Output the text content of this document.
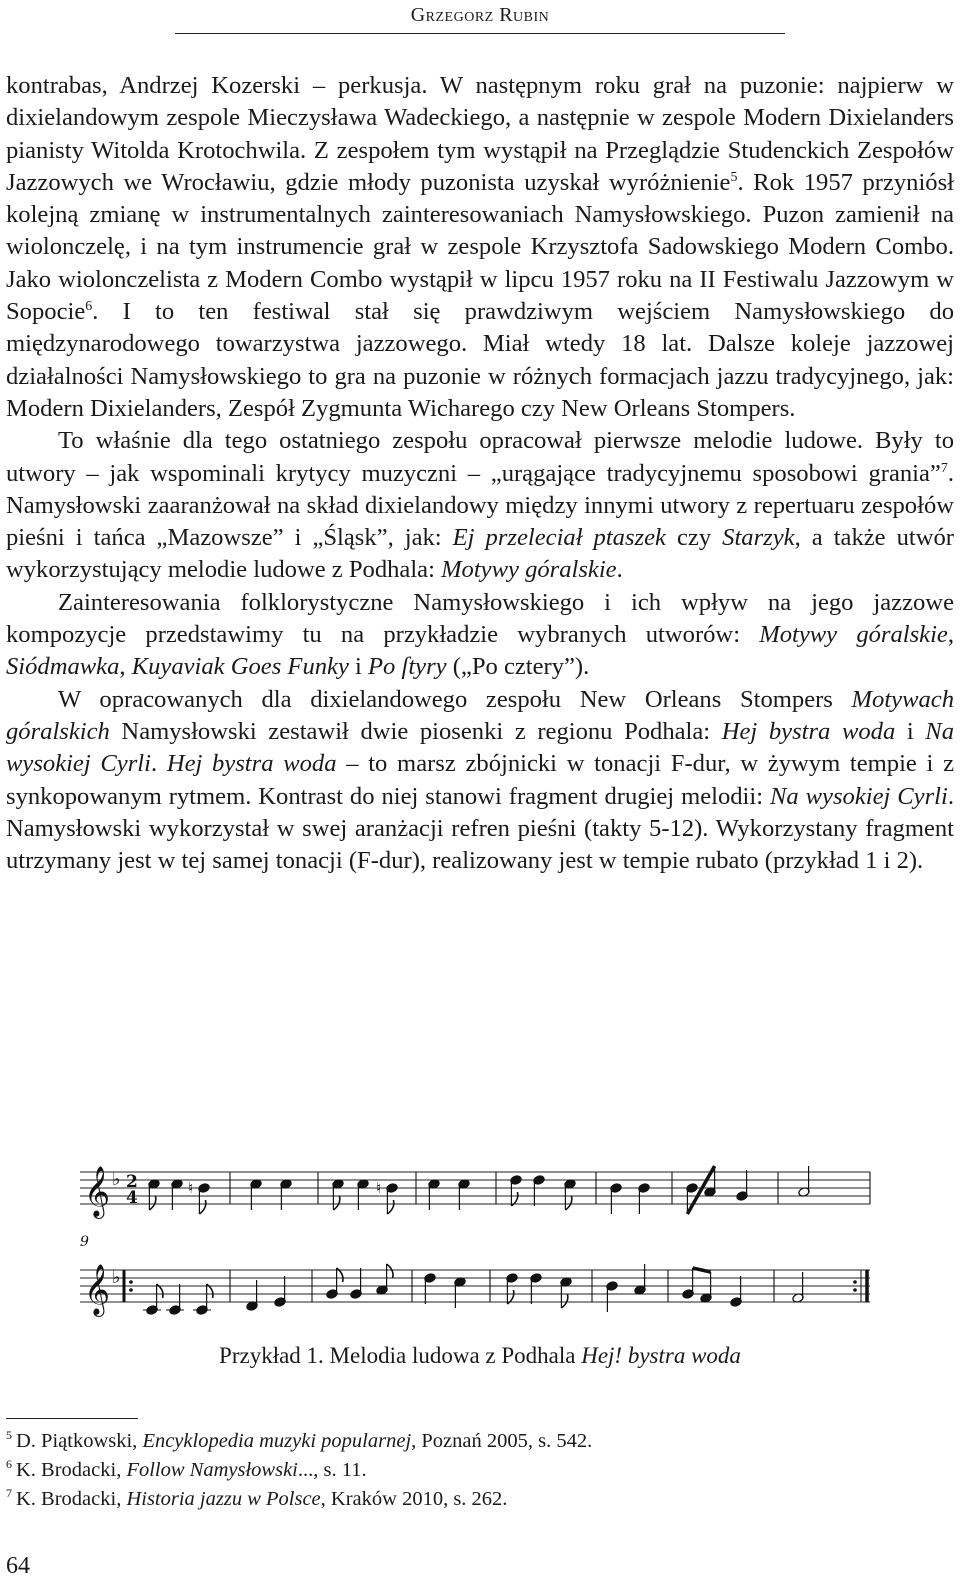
Grzegorz Rubin

kontrabas, Andrzej Kozerski – perkusja. W następnym roku grał na puzonie: najpierw w dixielandowym zespole Mieczysława Wadeckiego, a następnie w zespole Modern Dixielanders pianisty Witolda Krotochwila. Z zespołem tym wystąpił na Przeglądzie Studenckich Zespołów Jazzowych we Wrocławiu, gdzie młody puzonista uzyskał wyróżnienie$^5$. Rok 1957 przyniósł kolejną zmianę w instrumentalnych zainteresowaniach Namysłowskiego. Puzon zamienił na wiolonczelę, i na tym instrumencie grał w zespole Krzysztofa Sadowskiego Modern Combo. Jako wiolonczelista z Modern Combo wystąpił w lipcu 1957 roku na II Festiwalu Jazzowym w Sopocie$^6$. I to ten festiwal stał się prawdziwym wejściem Namysłowskiego do międzynarodowego towarzystwa jazzowego. Miał wtedy 18 lat. Dalsze koleje jazzowej działalności Namysłowskiego to gra na puzonie w różnych formacjach jazzu tradycyjnego, jak: Modern Dixielanders, Zespół Zygmunta Wicharego czy New Orleans Stompers.

To właśnie dla tego ostatniego zespołu opracował pierwsze melodie ludowe. Były to utwory – jak wspominali krytycy muzyczni – „urągające tradycyjnemu sposobowi grania”$^7$. Namysłowski zaaranżował na skład dixielandowy między innymi utwory z repertuaru zespołów pieśni i tańca „Mazowsze” i „Śląsk”, jak: Ej przeleciał ptaszek czy Starzyk, a także utwór wykorzystujący melodie ludowe z Podhala: Motywy góralskie.

Zainteresowania folklorystyczne Namysłowskiego i ich wpływ na jego jazzowe kompozycje przedstawimy tu na przykładzie wybranych utworów: Motywy góralskie, Siódmawka, Kuyaviak Goes Funky i Po ſtyry („Po cztery”).

W opracowanych dla dixielandowego zespołu New Orleans Stompers Motywach góralskich Namysłowski zestawił dwie piosenki z regionu Podhala: Hej bystra woda i Na wysokiej Cyrli. Hej bystra woda – to marsz zbójnicki w tonacji F-dur, w żywym tempie i z synkopowanym rytmem. Kontrast do niej stanowi fragment drugiej melodii: Na wysokiej Cyrli. Namysłowski wykorzystał w swej aranżacji refren pieśni (takty 5-12). Wykorzystany fragment utrzymany jest w tej samej tonacji (F-dur), realizowany jest w tempie rubato (przykład 1 i 2).

𝄞 ♭
𝄞 ♭
2
4
9
♮	♮
Przykład 1. Melodia ludowa z Podhala Hej! bystra woda
$^5$ D. Piątkowski, Encyklopedia muzyki popularnej, Poznań 2005, s. 542.
$^6$ K. Brodacki, Follow Namysłowski..., s. 11.
$^7$ K. Brodacki, Historia jazzu w Polsce, Kraków 2010, s. 262.
64
